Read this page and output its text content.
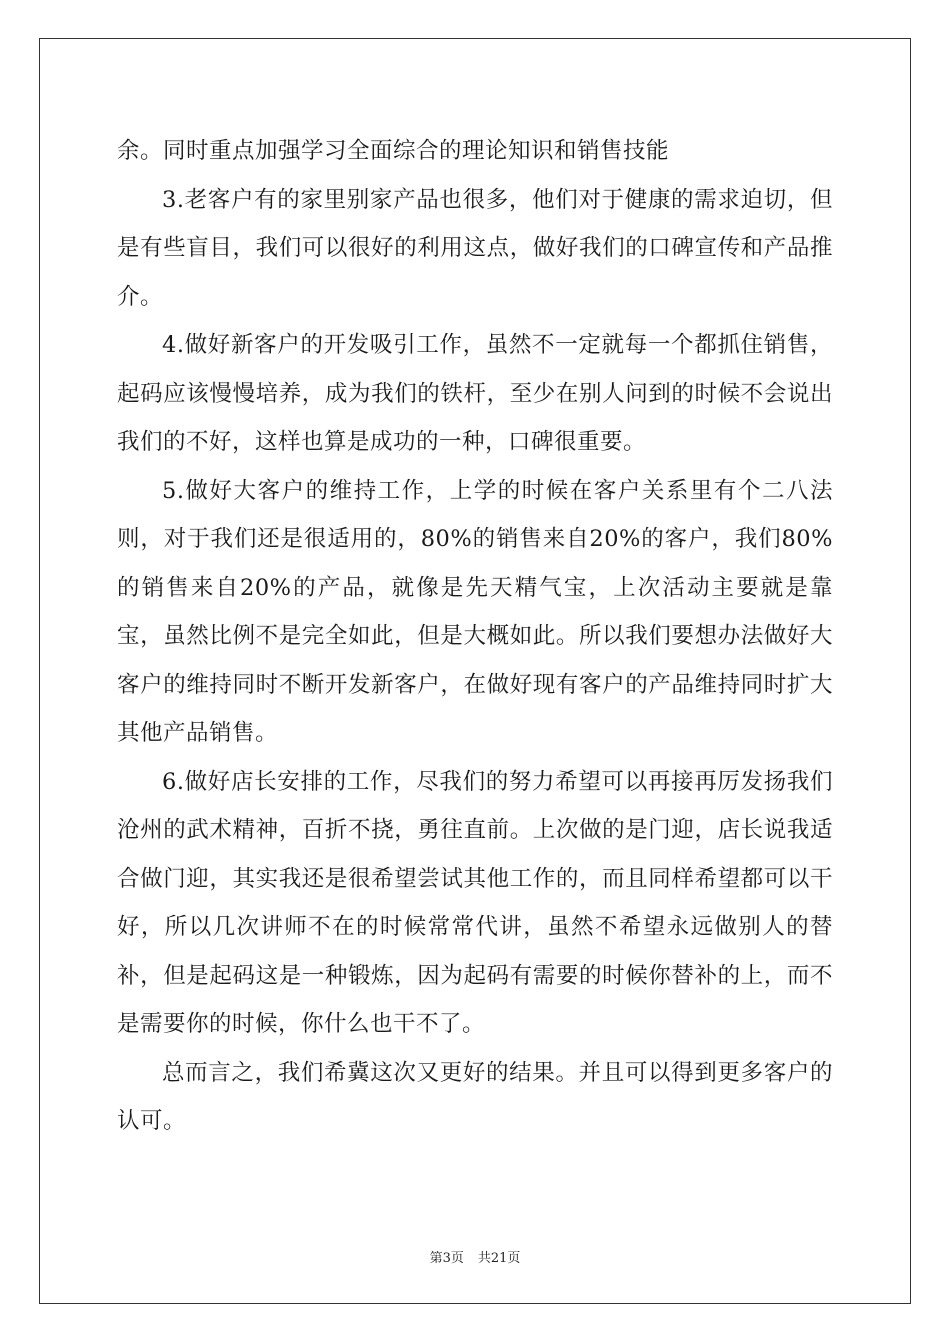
余。同时重点加强学习全面综合的理论知识和销售技能

3.老客户有的家里别家产品也很多，他们对于健康的需求迫切，但是有些盲目，我们可以很好的利用这点，做好我们的口碑宣传和产品推介。

4.做好新客户的开发吸引工作，虽然不一定就每一个都抓住销售，起码应该慢慢培养，成为我们的铁杆，至少在别人问到的时候不会说出我们的不好，这样也算是成功的一种，口碑很重要。

5.做好大客户的维持工作，上学的时候在客户关系里有个二八法则，对于我们还是很适用的，80%的销售来自20%的客户，我们80%的销售来自20%的产品，就像是先天精气宝，上次活动主要就是靠宝，虽然比例不是完全如此，但是大概如此。所以我们要想办法做好大客户的维持同时不断开发新客户，在做好现有客户的产品维持同时扩大其他产品销售。

6.做好店长安排的工作，尽我们的努力希望可以再接再厉发扬我们沧州的武术精神，百折不挠，勇往直前。上次做的是门迎，店长说我适合做门迎，其实我还是很希望尝试其他工作的，而且同样希望都可以干好，所以几次讲师不在的时候常常代讲，虽然不希望永远做别人的替补，但是起码这是一种锻炼，因为起码有需要的时候你替补的上，而不是需要你的时候，你什么也干不了。

总而言之，我们希冀这次又更好的结果。并且可以得到更多客户的认可。

第3页 共21页
